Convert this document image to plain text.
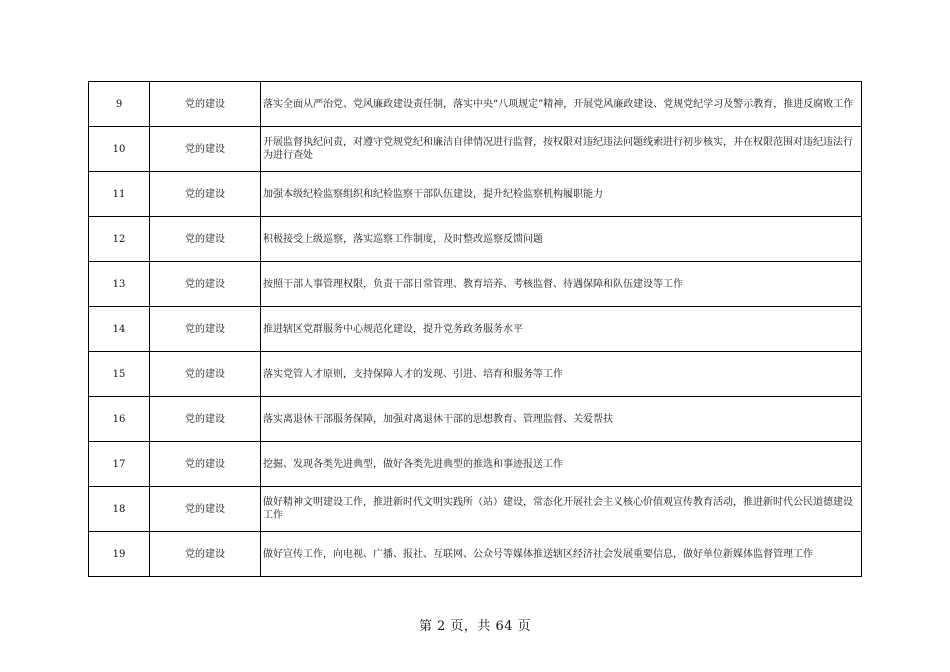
9	党的建设	落实全面从严治党、党风廉政建设责任制，落实中央“八项规定”精神，开展党风廉政建设、党规党纪学习及警示教育，推进反腐败工作
10	党的建设	开展监督执纪问责，对遵守党规党纪和廉洁自律情况进行监督，按权限对违纪违法问题线索进行初步核实，并在权限范围对违纪违法行为进行查处
11	党的建设	加强本级纪检监察组织和纪检监察干部队伍建设，提升纪检监察机构履职能力
12	党的建设	积极接受上级巡察，落实巡察工作制度，及时整改巡察反馈问题
13	党的建设	按照干部人事管理权限，负责干部日常管理、教育培养、考核监督、待遇保障和队伍建设等工作
14	党的建设	推进辖区党群服务中心规范化建设，提升党务政务服务水平
15	党的建设	落实党管人才原则，支持保障人才的发现、引进、培育和服务等工作
16	党的建设	落实离退休干部服务保障，加强对离退休干部的思想教育、管理监督、关爱帮扶
17	党的建设	挖掘、发现各类先进典型，做好各类先进典型的推选和事迹报送工作
18	党的建设	做好精神文明建设工作，推进新时代文明实践所（站）建设，常态化开展社会主义核心价值观宣传教育活动，推进新时代公民道德建设工作
19	党的建设	做好宣传工作，向电视、广播、报社、互联网、公众号等媒体推送辖区经济社会发展重要信息，做好单位新媒体监督管理工作
第 2 页，共 64 页
